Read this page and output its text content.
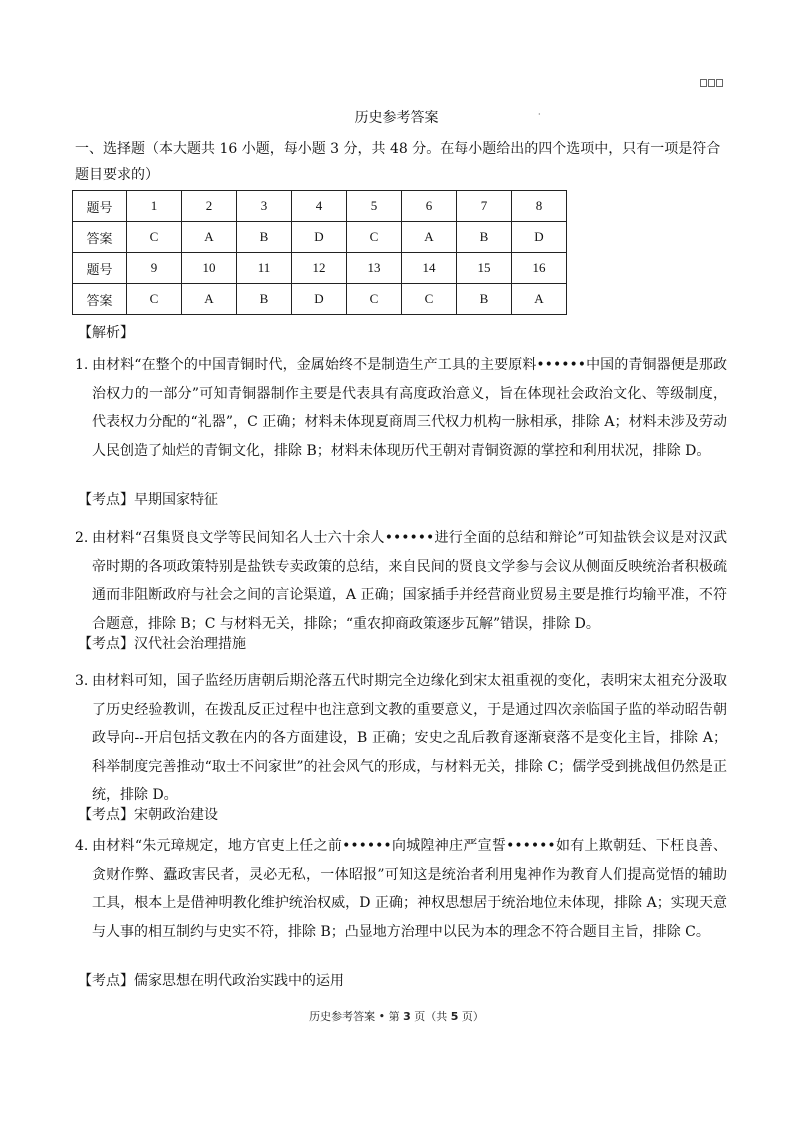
历史参考答案	·
一、选择题（本大题共 16 小题，每小题 3 分，共 48 分。在每小题给出的四个选项中，只有一项是符合题目要求的）
题号	1	2	3	4	5	6	7	8
答案	C	A	B	D	C	A	B	D
题号	9	10	11	12	13	14	15	16
答案	C	A	B	D	C	C	B	A
【解析】
1. 由材料“在整个的中国青铜时代，金属始终不是制造生产工具的主要原料••••••中国的青铜器便是那政治权力的一部分”可知青铜器制作主要是代表具有高度政治意义，旨在体现社会政治文化、等级制度，代表权力分配的“礼器”，C 正确；材料未体现夏商周三代权力机构一脉相承，排除 A；材料未涉及劳动人民创造了灿烂的青铜文化，排除 B；材料未体现历代王朝对青铜资源的掌控和利用状况，排除 D。
【考点】早期国家特征
2. 由材料“召集贤良文学等民间知名人士六十余人••••••进行全面的总结和辩论”可知盐铁会议是对汉武帝时期的各项政策特别是盐铁专卖政策的总结，来自民间的贤良文学参与会议从侧面反映统治者积极疏通而非阻断政府与社会之间的言论渠道，A 正确；国家插手并经营商业贸易主要是推行均输平准，不符合题意，排除 B；C 与材料无关，排除；“重农抑商政策逐步瓦解”错误，排除 D。
【考点】汉代社会治理措施
3. 由材料可知，国子监经历唐朝后期沦落五代时期完全边缘化到宋太祖重视的变化，表明宋太祖充分汲取了历史经验教训，在拨乱反正过程中也注意到文教的重要意义，于是通过四次亲临国子监的举动昭告朝政导向--开启包括文教在内的各方面建设，B 正确；安史之乱后教育逐渐衰落不是变化主旨，排除 A；科举制度完善推动“取士不问家世”的社会风气的形成，与材料无关，排除 C；儒学受到挑战但仍然是正统，排除 D。
【考点】宋朝政治建设
4. 由材料“朱元璋规定，地方官吏上任之前••••••向城隍神庄严宣誓••••••如有上欺朝廷、下枉良善、贪财作弊、蠹政害民者，灵必无私，一体昭报”可知这是统治者利用鬼神作为教育人们提高觉悟的辅助工具，根本上是借神明教化维护统治权威，D 正确；神权思想居于统治地位未体现，排除 A；实现天意与人事的相互制约与史实不符，排除 B；凸显地方治理中以民为本的理念不符合题目主旨，排除 C。
【考点】儒家思想在明代政治实践中的运用
历史参考答案 • 第 3 页（共 5 页）
